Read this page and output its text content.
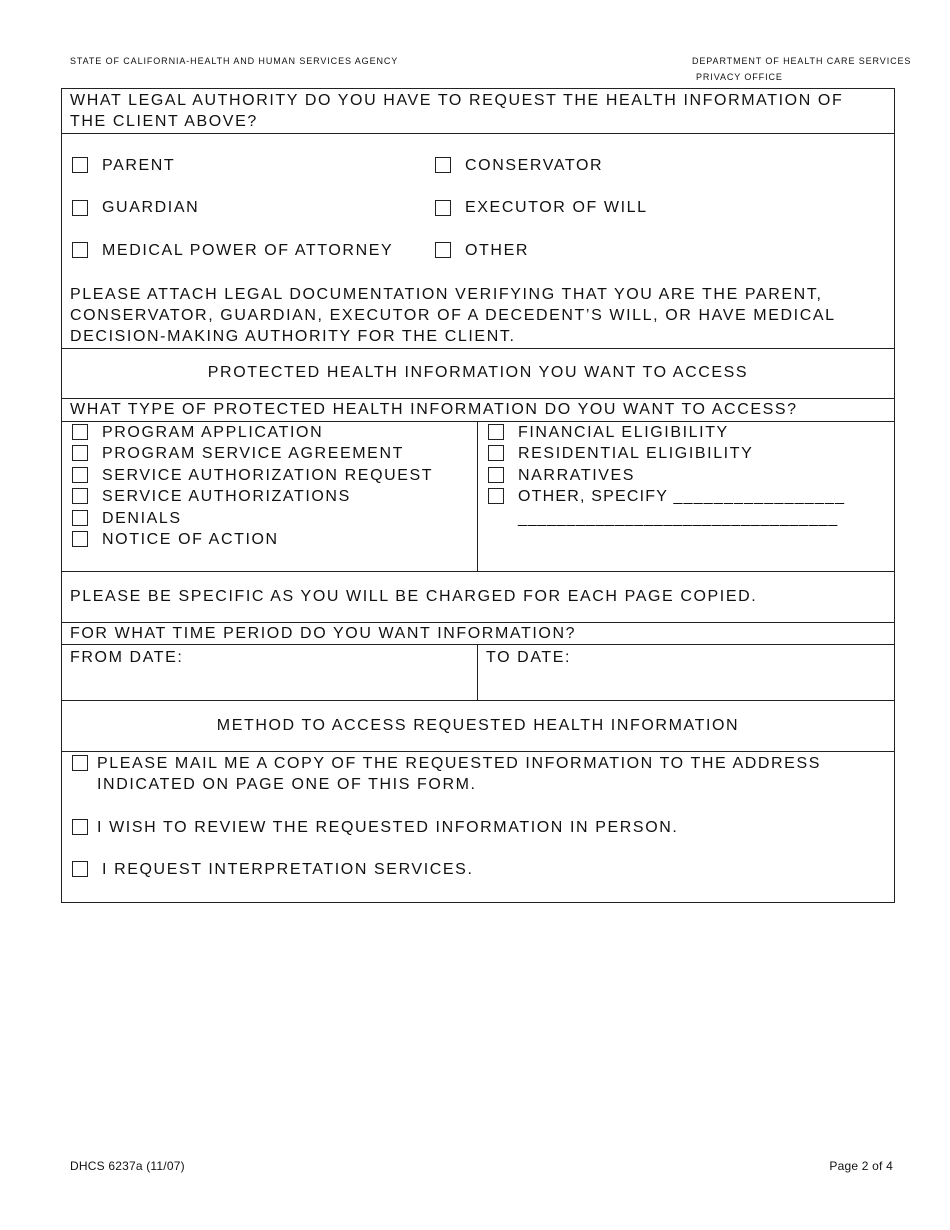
STATE OF CALIFORNIA-HEALTH AND HUMAN SERVICES AGENCY	DEPARTMENT OF HEALTH CARE SERVICES
PRIVACY OFFICE
WHAT LEGAL AUTHORITY DO YOU HAVE TO REQUEST THE HEALTH INFORMATION OF THE CLIENT ABOVE?
PARENT	CONSERVATOR
GUARDIAN	EXECUTOR OF WILL
MEDICAL POWER OF ATTORNEY	OTHER
PLEASE ATTACH LEGAL DOCUMENTATION VERIFYING THAT YOU ARE THE PARENT, CONSERVATOR, GUARDIAN, EXECUTOR OF A DECEDENT’S WILL, OR HAVE MEDICAL DECISION-MAKING AUTHORITY FOR THE CLIENT.
PROTECTED HEALTH INFORMATION YOU WANT TO ACCESS
WHAT TYPE OF PROTECTED HEALTH INFORMATION DO YOU WANT TO ACCESS?
PROGRAM APPLICATION
PROGRAM SERVICE AGREEMENT
SERVICE AUTHORIZATION REQUEST
SERVICE AUTHORIZATIONS
DENIALS
NOTICE OF ACTION
FINANCIAL ELIGIBILITY
RESIDENTIAL ELIGIBILITY
NARRATIVES
OTHER, SPECIFY _________________
_________________________________
PLEASE BE SPECIFIC AS YOU WILL BE CHARGED FOR EACH PAGE COPIED.
FOR WHAT TIME PERIOD DO YOU WANT INFORMATION?
FROM DATE:	TO DATE:
METHOD TO ACCESS REQUESTED HEALTH INFORMATION
PLEASE MAIL ME A COPY OF THE REQUESTED INFORMATION TO THE ADDRESS INDICATED ON PAGE ONE OF THIS FORM.
I WISH TO REVIEW THE REQUESTED INFORMATION IN PERSON.
I REQUEST INTERPRETATION SERVICES.
DHCS 6237a (11/07)	Page 2 of 4
